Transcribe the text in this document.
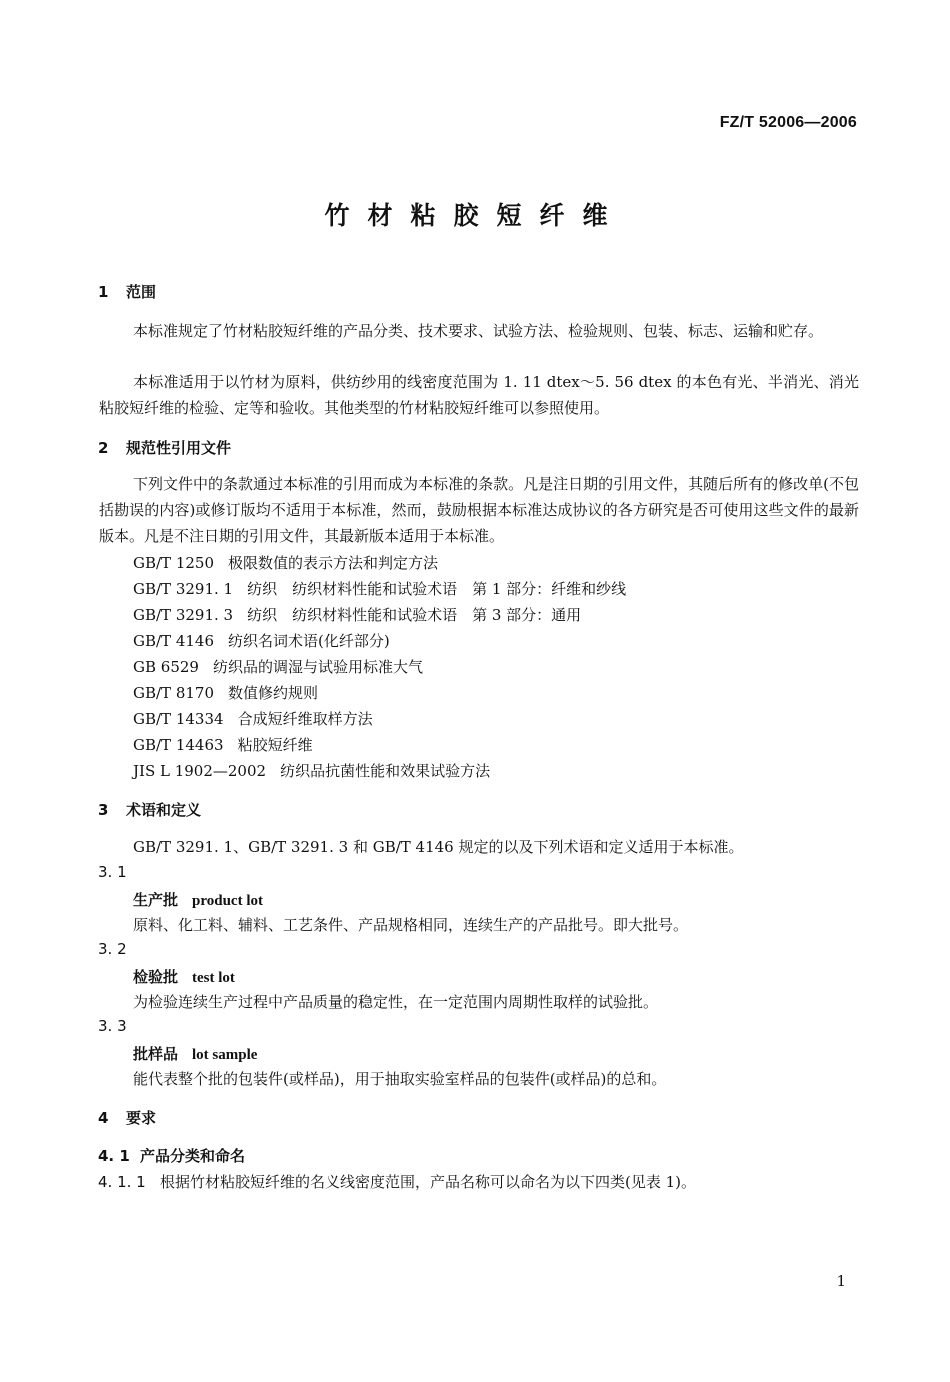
FZ/T 52006—2006
竹材粘胶短纤维
1 范围
本标准规定了竹材粘胶短纤维的产品分类、技术要求、试验方法、检验规则、包装、标志、运输和贮存。
本标准适用于以竹材为原料，供纺纱用的线密度范围为 1. 11 dtex～5. 56 dtex 的本色有光、半消光、消光粘胶短纤维的检验、定等和验收。其他类型的竹材粘胶短纤维可以参照使用。
2 规范性引用文件
下列文件中的条款通过本标准的引用而成为本标准的条款。凡是注日期的引用文件，其随后所有的修改单(不包括勘误的内容)或修订版均不适用于本标准，然而，鼓励根据本标准达成协议的各方研究是否可使用这些文件的最新版本。凡是不注日期的引用文件，其最新版本适用于本标准。
GB/T 1250 极限数值的表示方法和判定方法
GB/T 3291. 1 纺织　纺织材料性能和试验术语　第 1 部分：纤维和纱线
GB/T 3291. 3 纺织　纺织材料性能和试验术语　第 3 部分：通用
GB/T 4146 纺织名词术语(化纤部分)
GB 6529 纺织品的调湿与试验用标准大气
GB/T 8170 数值修约规则
GB/T 14334 合成短纤维取样方法
GB/T 14463 粘胶短纤维
JIS L 1902—2002 纺织品抗菌性能和效果试验方法
3 术语和定义
GB/T 3291. 1、GB/T 3291. 3 和 GB/T 4146 规定的以及下列术语和定义适用于本标准。
3. 1
生产批 product lot
原料、化工料、辅料、工艺条件、产品规格相同，连续生产的产品批号。即大批号。
3. 2
检验批 test lot
为检验连续生产过程中产品质量的稳定性，在一定范围内周期性取样的试验批。
3. 3
批样品 lot sample
能代表整个批的包装件(或样品)，用于抽取实验室样品的包装件(或样品)的总和。
4 要求
4. 1 产品分类和命名
4. 1. 1 根据竹材粘胶短纤维的名义线密度范围，产品名称可以命名为以下四类(见表 1)。
1
